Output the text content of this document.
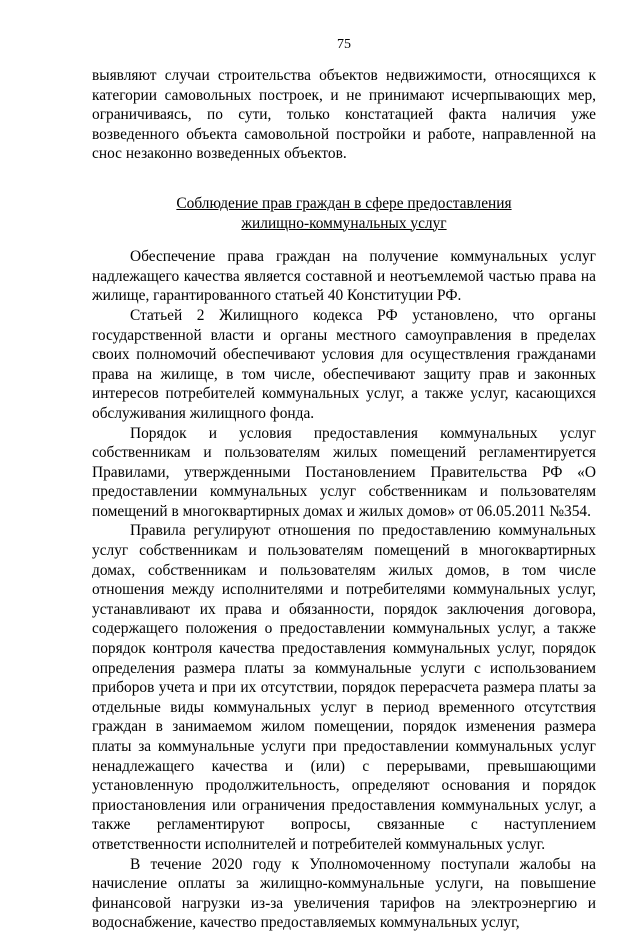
75

выявляют случаи строительства объектов недвижимости, относящихся к категории самовольных построек, и не принимают исчерпывающих мер, ограничиваясь, по сути, только констатацией факта наличия уже возведенного объекта самовольной постройки и работе, направленной на снос незаконно возведенных объектов.

Соблюдение прав граждан в сфере предоставления
жилищно-коммунальных услуг

Обеспечение права граждан на получение коммунальных услуг надлежащего качества является составной и неотъемлемой частью права на жилище, гарантированного статьей 40 Конституции РФ.

Статьей 2 Жилищного кодекса РФ установлено, что органы государственной власти и органы местного самоуправления в пределах своих полномочий обеспечивают условия для осуществления гражданами права на жилище, в том числе, обеспечивают защиту прав и законных интересов потребителей коммунальных услуг, а также услуг, касающихся обслуживания жилищного фонда.

Порядок и условия предоставления коммунальных услуг собственникам и пользователям жилых помещений регламентируется Правилами, утвержденными Постановлением Правительства РФ «О предоставлении коммунальных услуг собственникам и пользователям помещений в многоквартирных домах и жилых домов» от 06.05.2011 №354.

Правила регулируют отношения по предоставлению коммунальных услуг собственникам и пользователям помещений в многоквартирных домах, собственникам и пользователям жилых домов, в том числе отношения между исполнителями и потребителями коммунальных услуг, устанавливают их права и обязанности, порядок заключения договора, содержащего положения о предоставлении коммунальных услуг, а также порядок контроля качества предоставления коммунальных услуг, порядок определения размера платы за коммунальные услуги с использованием приборов учета и при их отсутствии, порядок перерасчета размера платы за отдельные виды коммунальных услуг в период временного отсутствия граждан в занимаемом жилом помещении, порядок изменения размера платы за коммунальные услуги при предоставлении коммунальных услуг ненадлежащего качества и (или) с перерывами, превышающими установленную продолжительность, определяют основания и порядок приостановления или ограничения предоставления коммунальных услуг, а также регламентируют вопросы, связанные с наступлением ответственности исполнителей и потребителей коммунальных услуг.

В течение 2020 году к Уполномоченному поступали жалобы на начисление оплаты за жилищно-коммунальные услуги, на повышение финансовой нагрузки из-за увеличения тарифов на электроэнергию и водоснабжение, качество предоставляемых коммунальных услуг,
